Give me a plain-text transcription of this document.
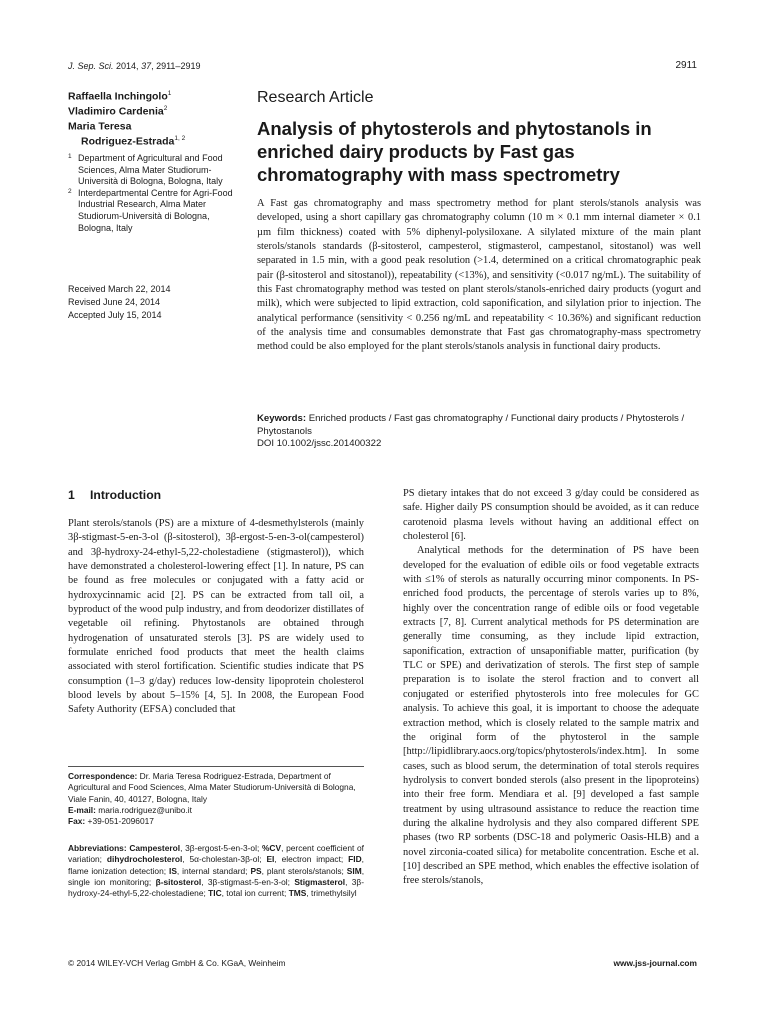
J. Sep. Sci. 2014, 37, 2911–2919	2911
Raffaella Inchingolo$^1$
Vladimiro Cardenia$^2$
Maria Teresa
Rodriguez-Estrada$^{1, 2}$
1 Department of Agricultural and Food Sciences, Alma Mater Studiorum-Università di Bologna, Bologna, Italy
2 Interdepartmental Centre for Agri-Food Industrial Research, Alma Mater Studiorum-Università di Bologna, Bologna, Italy
Received March 22, 2014
Revised June 24, 2014
Accepted July 15, 2014
Research Article
Analysis of phytosterols and phytostanols in enriched dairy products by Fast gas chromatography with mass spectrometry
A Fast gas chromatography and mass spectrometry method for plant sterols/stanols analysis was developed, using a short capillary gas chromatography column (10 m × 0.1 mm internal diameter × 0.1 µm film thickness) coated with 5% diphenyl-polysiloxane. A silylated mixture of the main plant sterols/stanols standards (β-sitosterol, campesterol, stigmasterol, campestanol, sitostanol) was well separated in 1.5 min, with a good peak resolution (>1.4, determined on a critical chromatographic peak pair (β-sitosterol and sitostanol)), repeatability (<13%), and sensitivity (<0.017 ng/mL). The suitability of this Fast chromatography method was tested on plant sterols/stanols-enriched dairy products (yogurt and milk), which were subjected to lipid extraction, cold saponification, and silylation prior to injection. The analytical performance (sensitivity < 0.256 ng/mL and repeatability < 10.36%) and significant reduction of the analysis time and consumables demonstrate that Fast gas chromatography-mass spectrometry method could be also employed for the plant sterols/stanols analysis in functional dairy products.
Keywords: Enriched products / Fast gas chromatography / Functional dairy products / Phytosterols / Phytostanols
DOI 10.1002/jssc.201400322
1 Introduction

Plant sterols/stanols (PS) are a mixture of 4-desmethylsterols (mainly 3β-stigmast-5-en-3-ol (β-sitosterol), 3β-ergost-5-en-3-ol(campesterol) and 3β-hydroxy-24-ethyl-5,22-cholestadiene (stigmasterol)), which have demonstrated a cholesterol-lowering effect [1]. In nature, PS can be found as free molecules or conjugated with a fatty acid or hydroxycinnamic acid [2]. PS can be extracted from tall oil, a byproduct of the wood pulp industry, and from deodorizer distillates of vegetable oil refining. Phytostanols are obtained through hydrogenation of unsaturated sterols [3]. PS are widely used to formulate enriched food products that meet the health claims associated with sterol fortification. Scientific studies indicate that PS consumption (1–3 g/day) reduces low-density lipoprotein cholesterol blood levels by about 5–15% [4, 5]. In 2008, the European Food Safety Authority (EFSA) concluded that

PS dietary intakes that do not exceed 3 g/day could be considered as safe. Higher daily PS consumption should be avoided, as it can reduce carotenoid plasma levels without having an additional effect on cholesterol [6].

Analytical methods for the determination of PS have been developed for the evaluation of edible oils or food vegetable extracts with ≤1% of sterols as naturally occurring minor components. In PS-enriched food products, the percentage of sterols varies up to 8%, highly over the concentration range of edible oils or food vegetable extracts [7, 8]. Current analytical methods for PS determination are generally time consuming, as they include lipid extraction, saponification, extraction of unsaponifiable matter, purification (by TLC or SPE) and derivatization of sterols. The first step of sample preparation is to isolate the sterol fraction and to convert all conjugated or esterified phytosterols into free molecules for GC analysis. To achieve this goal, it is important to choose the adequate extraction method, which is closely related to the sample matrix and the original form of the phytosterol in the sample [http://lipidlibrary.aocs.org/topics/phytosterols/index.htm]. In some cases, such as blood serum, the determination of total sterols requires hydrolysis to convert bonded sterols (also present in the lipoproteins) into their free form. Mendiara et al. [9] developed a fast sample treatment by using ultrasound assistance to reduce the reaction time during the alkaline hydrolysis and they also compared different SPE phases (two RP sorbents (DSC-18 and polymeric Oasis-HLB) and a novel zirconia-coated silica) for metabolite concentration. Esche et al. [10] described an SPE method, which enables the effective isolation of free sterols/stanols,

Correspondence: Dr. Maria Teresa Rodriguez-Estrada, Department of Agricultural and Food Sciences, Alma Mater Studiorum-Università di Bologna, Viale Fanin, 40, 40127, Bologna, Italy
E-mail: maria.rodriguez@unibo.it
Fax: +39-051-2096017
Abbreviations: Campesterol, 3β-ergost-5-en-3-ol; %CV, percent coefficient of variation; dihydrocholesterol, 5α-cholestan-3β-ol; EI, electron impact; FID, flame ionization detection; IS, internal standard; PS, plant sterols/stanols; SIM, single ion monitoring; β-sitosterol, 3β-stigmast-5-en-3-ol; Stigmasterol, 3β-hydroxy-24-ethyl-5,22-cholestadiene; TIC, total ion current; TMS, trimethylsilyl
© 2014 WILEY-VCH Verlag GmbH & Co. KGaA, Weinheim	www.jss-journal.com
